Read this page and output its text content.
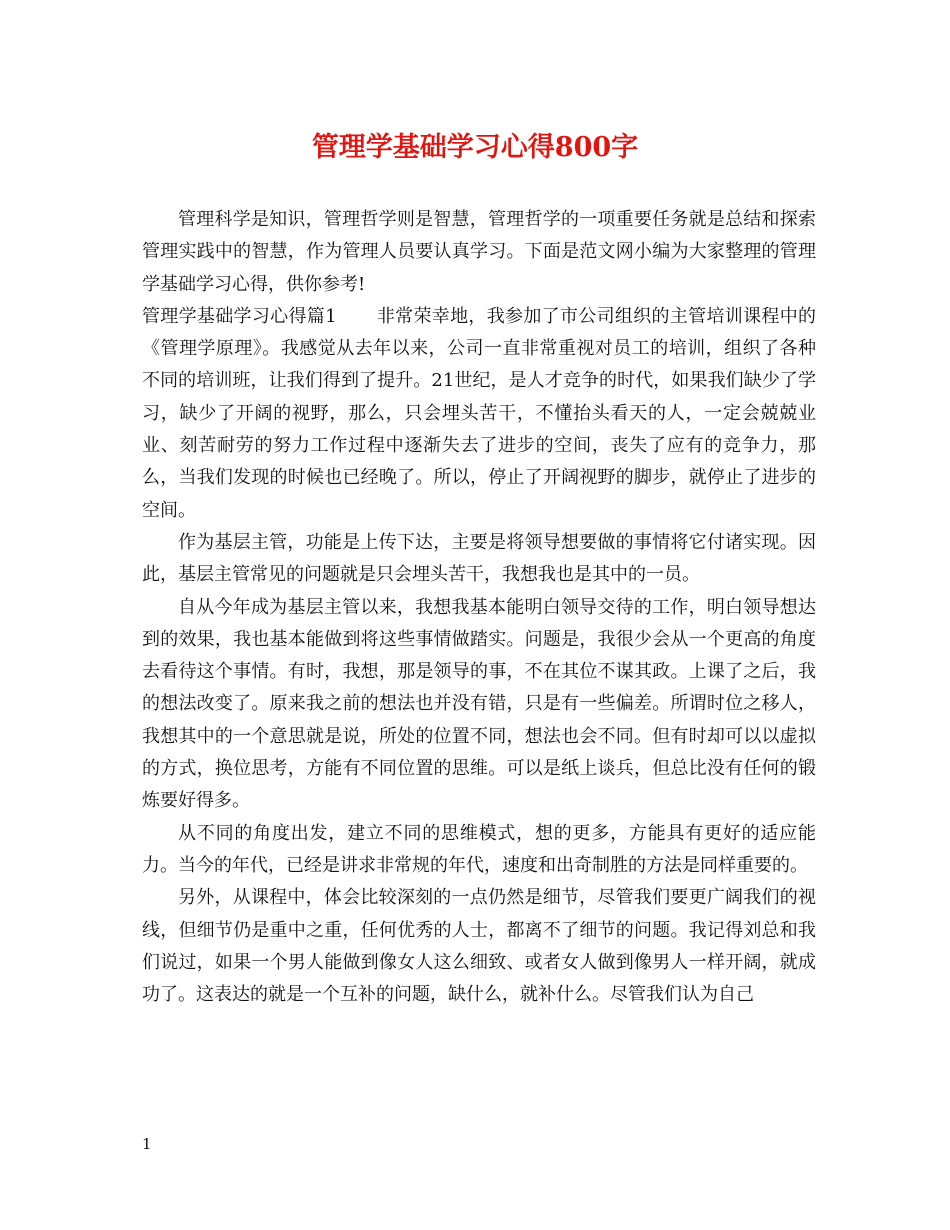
管理学基础学习心得800字

管理科学是知识，管理哲学则是智慧，管理哲学的一项重要任务就是总结和探索管理实践中的智慧，作为管理人员要认真学习。下面是范文网小编为大家整理的管理学基础学习心得，供你参考!

管理学基础学习心得篇1 非常荣幸地，我参加了市公司组织的主管培训课程中的《管理学原理》。我感觉从去年以来，公司一直非常重视对员工的培训，组织了各种不同的培训班，让我们得到了提升。21世纪，是人才竞争的时代，如果我们缺少了学习，缺少了开阔的视野，那么，只会埋头苦干，不懂抬头看天的人，一定会兢兢业业、刻苦耐劳的努力工作过程中逐渐失去了进步的空间，丧失了应有的竞争力，那么，当我们发现的时候也已经晚了。所以，停止了开阔视野的脚步，就停止了进步的空间。

作为基层主管，功能是上传下达，主要是将领导想要做的事情将它付诸实现。因此，基层主管常见的问题就是只会埋头苦干，我想我也是其中的一员。

自从今年成为基层主管以来，我想我基本能明白领导交待的工作，明白领导想达到的效果，我也基本能做到将这些事情做踏实。问题是，我很少会从一个更高的角度去看待这个事情。有时，我想，那是领导的事，不在其位不谋其政。上课了之后，我的想法改变了。原来我之前的想法也并没有错，只是有一些偏差。所谓时位之移人，我想其中的一个意思就是说，所处的位置不同，想法也会不同。但有时却可以以虚拟的方式，换位思考，方能有不同位置的思维。可以是纸上谈兵，但总比没有任何的锻炼要好得多。

从不同的角度出发，建立不同的思维模式，想的更多，方能具有更好的适应能力。当今的年代，已经是讲求非常规的年代，速度和出奇制胜的方法是同样重要的。

另外，从课程中，体会比较深刻的一点仍然是细节，尽管我们要更广阔我们的视线，但细节仍是重中之重，任何优秀的人士，都离不了细节的问题。我记得刘总和我们说过，如果一个男人能做到像女人这么细致、或者女人做到像男人一样开阔，就成功了。这表达的就是一个互补的问题，缺什么，就补什么。尽管我们认为自己

1
